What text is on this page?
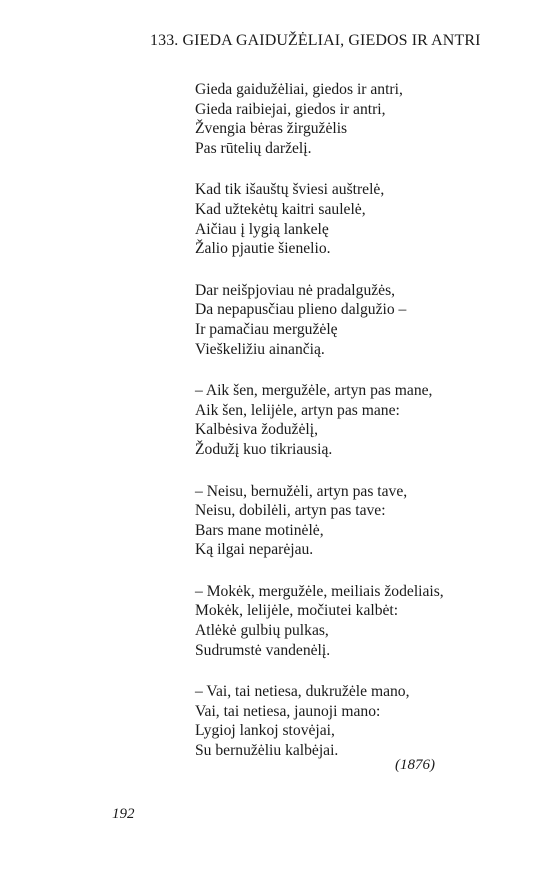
133. GIEDA GAIDUŽĖLIAI, GIEDOS IR ANTRI
Gieda gaidužėliai, giedos ir antri,
Gieda raibiejai, giedos ir antri,
Žvengia bėras žirgužėlis
Pas rūtelių darželį.
Kad tik išauštų šviesi auštrelė,
Kad užtekėtų kaitri saulelė,
Aičiau į lygią lankelę
Žalio pjautie šienelio.
Dar neišpjoviau nė pradalgužės,
Da nepapusčiau plieno dalgužio –
Ir pamačiau mergužėlę
Vieškeližiu ainančią.
– Aik šen, mergužėle, artyn pas mane,
Aik šen, lelijėle, artyn pas mane:
Kalbėsiva žodužėlį,
Žodužį kuo tikriausią.
– Neisu, bernužėli, artyn pas tave,
Neisu, dobilėli, artyn pas tave:
Bars mane motinėlė,
Ką ilgai neparėjau.
– Mokėk, mergužėle, meiliais žodeliais,
Mokėk, lelijėle, močiutei kalbėt:
Atlėkė gulbių pulkas,
Sudrumstė vandenėlį.
– Vai, tai netiesa, dukružėle mano,
Vai, tai netiesa, jaunoji mano:
Lygioj lankoj stovėjai,
Su bernužėliu kalbėjai.
(1876)
192
